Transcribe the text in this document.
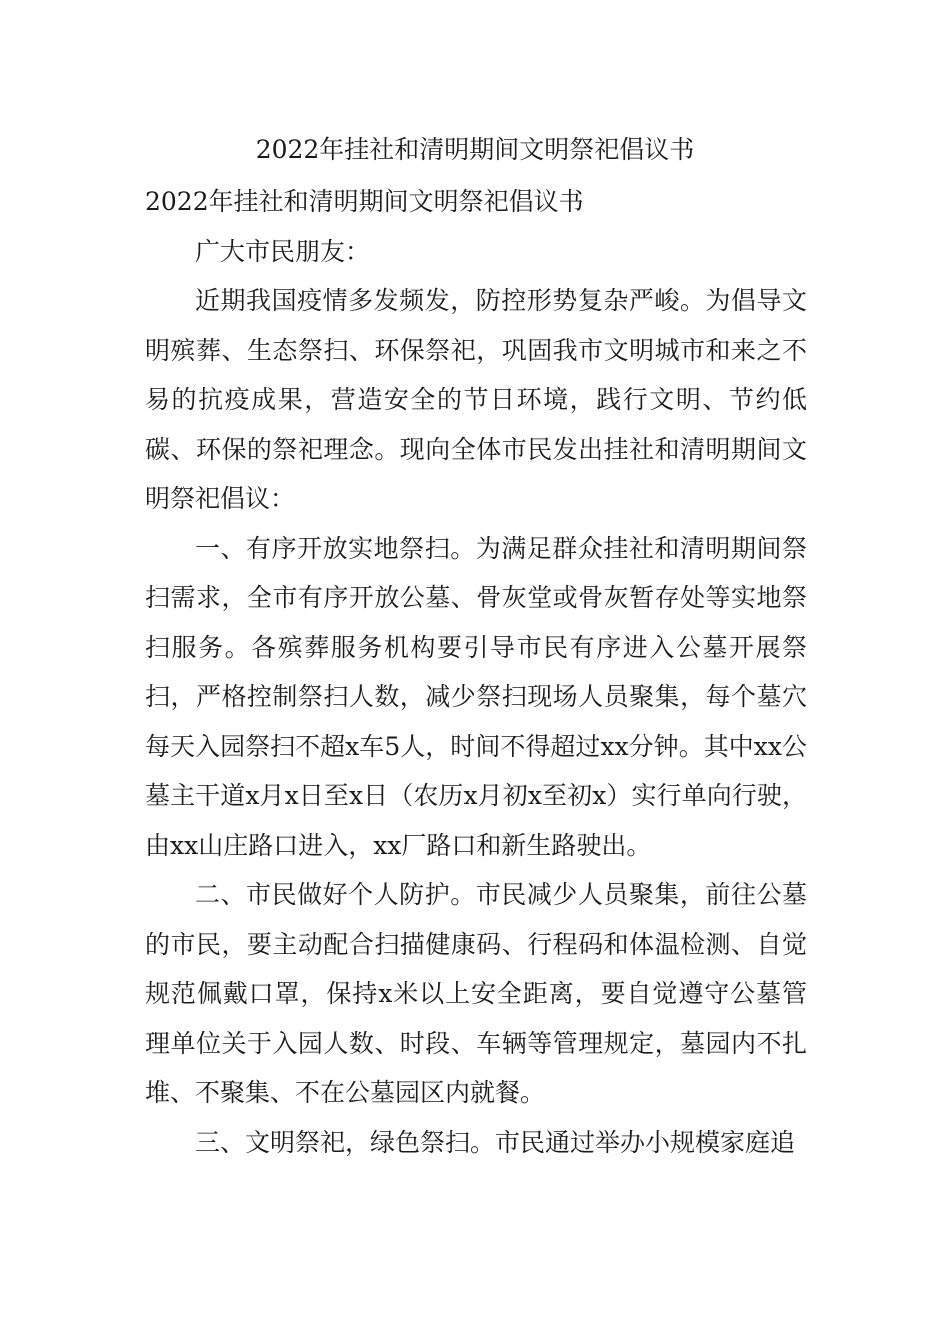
2022年挂社和清明期间文明祭祀倡议书

2022年挂社和清明期间文明祭祀倡议书

广大市民朋友：

近期我国疫情多发频发，防控形势复杂严峻。为倡导文明殡葬、生态祭扫、环保祭祀，巩固我市文明城市和来之不易的抗疫成果，营造安全的节日环境，践行文明、节约低碳、环保的祭祀理念。现向全体市民发出挂社和清明期间文明祭祀倡议：

一、有序开放实地祭扫。为满足群众挂社和清明期间祭扫需求，全市有序开放公墓、骨灰堂或骨灰暂存处等实地祭扫服务。各殡葬服务机构要引导市民有序进入公墓开展祭扫，严格控制祭扫人数，减少祭扫现场人员聚集，每个墓穴每天入园祭扫不超x车5人，时间不得超过xx分钟。其中xx公墓主干道x月x日至x日（农历x月初x至初x）实行单向行驶，由xx山庄路口进入，xx厂路口和新生路驶出。

二、市民做好个人防护。市民减少人员聚集，前往公墓的市民，要主动配合扫描健康码、行程码和体温检测、自觉规范佩戴口罩，保持x米以上安全距离，要自觉遵守公墓管理单位关于入园人数、时段、车辆等管理规定，墓园内不扎堆、不聚集、不在公墓园区内就餐。

三、文明祭祀，绿色祭扫。市民通过举办小规模家庭追
